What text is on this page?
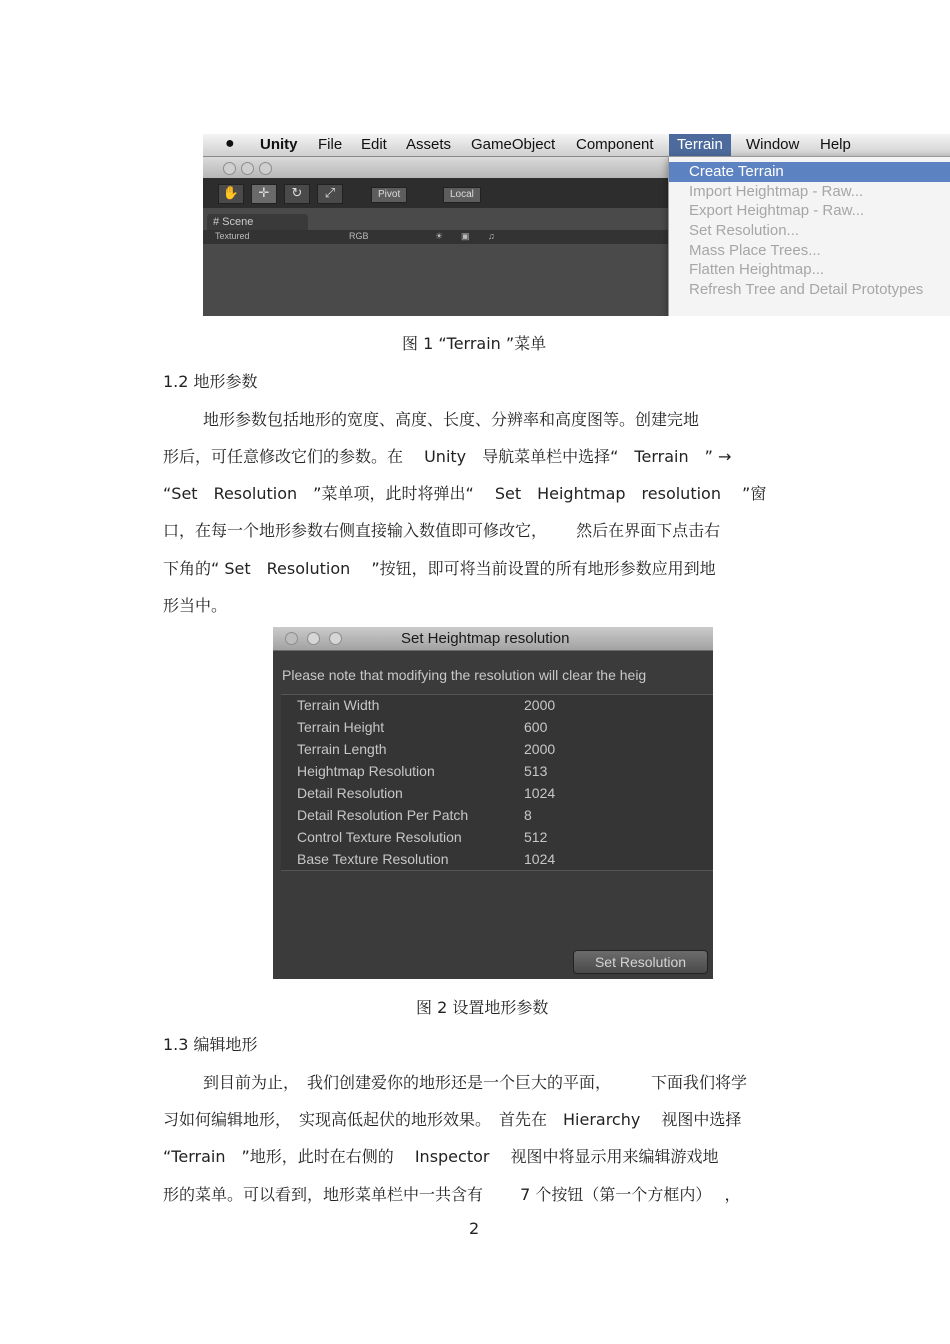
● Unity File Edit Assets GameObject Component	Terrain	Window Help
✋	✛	↻	⤢	Pivot	Local
# Scene
Textured	RGB	☀ ▣ ♫
Create Terrain
Import Heightmap - Raw...
Export Heightmap - Raw...
Set Resolution...
Mass Place Trees...
Flatten Heightmap...
Refresh Tree and Detail Prototypes
图 1 “Terrain ”菜单
1.2 地形参数
地形参数包括地形的宽度、高度、长度、分辨率和高度图等。创建完地
形后，可任意修改它们的参数。在　 Unity　导航菜单栏中选择“　Terrain　” →
“Set　Resolution　”菜单项，此时将弹出“　 Set　Heightmap　resolution　 ”窗
口，在每一个地形参数右侧直接输入数值即可修改它，　　 然后在界面下点击右
下角的“ Set　Resolution　 ”按钮，即可将当前设置的所有地形参数应用到地
形当中。
Set Heightmap resolution
Please note that modifying the resolution will clear the heig
Terrain Width	2000
Terrain Height	600
Terrain Length	2000
Heightmap Resolution	513
Detail Resolution	1024
Detail Resolution Per Patch	8
Control Texture Resolution	512
Base Texture Resolution	1024
Set Resolution
图 2 设置地形参数
1.3 编辑地形
到目前为止，　我们创建爱你的地形还是一个巨大的平面，　　　下面我们将学
习如何编辑地形，　实现高低起伏的地形效果。　首先在　Hierarchy　 视图中选择
“Terrain　”地形，此时在右侧的　 Inspector　 视图中将显示用来编辑游戏地
形的菜单。可以看到，地形菜单栏中一共含有　　 7 个按钮（第一个方框内）　 ，
2
